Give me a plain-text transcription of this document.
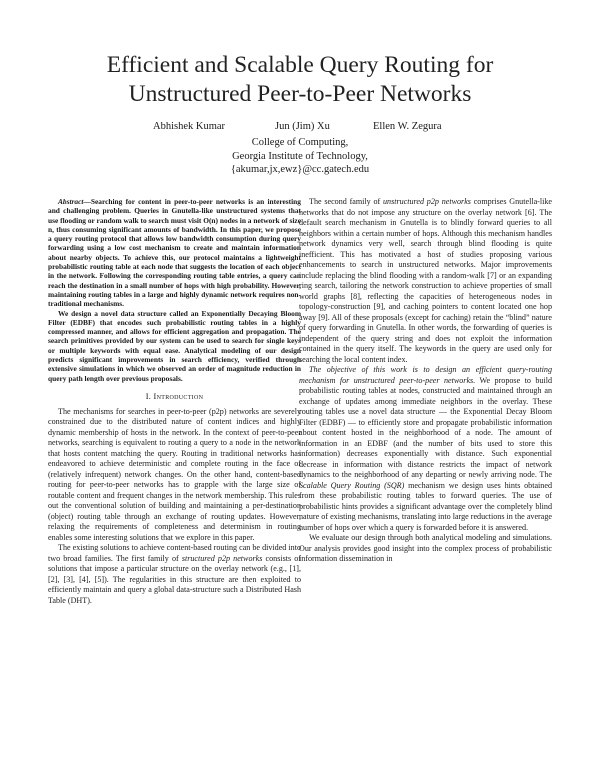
Efficient and Scalable Query Routing for
Unstructured Peer-to-Peer Networks
Abhishek Kumar	Jun (Jim) Xu	Ellen W. Zegura
College of Computing,
Georgia Institute of Technology,
{akumar,jx,ewz}@cc.gatech.edu

Abstract—Searching for content in peer-to-peer networks is an interesting and challenging problem. Queries in Gnutella-like unstructured systems that use flooding or random walk to search must visit O(n) nodes in a network of size n, thus consuming significant amounts of bandwidth. In this paper, we propose a query routing protocol that allows low bandwidth consumption during query forwarding using a low cost mechanism to create and maintain information about nearby objects. To achieve this, our protocol maintains a lightweight probabilistic routing table at each node that suggests the location of each object in the network. Following the corresponding routing table entries, a query can reach the destination in a small number of hops with high probability. However, maintaining routing tables in a large and highly dynamic network requires non-traditional mechanisms.

We design a novel data structure called an Exponentially Decaying Bloom Filter (EDBF) that encodes such probabilistic routing tables in a highly compressed manner, and allows for efficient aggregation and propagation. The search primitives provided by our system can be used to search for single keys or multiple keywords with equal ease. Analytical modeling of our design predicts significant improvements in search efficiency, verified through extensive simulations in which we observed an order of magnitude reduction in query path length over previous proposals.

I. Introduction

The mechanisms for searches in peer-to-peer (p2p) networks are severely constrained due to the distributed nature of content indices and highly dynamic membership of hosts in the network. In the context of peer-to-peer networks, searching is equivalent to routing a query to a node in the network that hosts content matching the query. Routing in traditional networks has endeavored to achieve deterministic and complete routing in the face of (relatively infrequent) network changes. On the other hand, content-based routing for peer-to-peer networks has to grapple with the large size of routable content and frequent changes in the network membership. This rules out the conventional solution of building and maintaining a per-destination (object) routing table through an exchange of routing updates. However, relaxing the requirements of completeness and determinism in routing enables some interesting solutions that we explore in this paper.

The existing solutions to achieve content-based routing can be divided into two broad families. The first family of structured p2p networks consists of solutions that impose a particular structure on the overlay network (e.g., [1], [2], [3], [4], [5]). The regularities in this structure are then exploited to efficiently maintain and query a global data-structure such a Distributed Hash Table (DHT).

The second family of unstructured p2p networks comprises Gnutella-like networks that do not impose any structure on the overlay network [6]. The default search mechanism in Gnutella is to blindly forward queries to all neighbors within a certain number of hops. Although this mechanism handles network dynamics very well, search through blind flooding is quite inefficient. This has motivated a host of studies proposing various enhancements to search in unstructured networks. Major improvements include replacing the blind flooding with a random-walk [7] or an expanding ring search, tailoring the network construction to achieve properties of small world graphs [8], reflecting the capacities of heterogeneous nodes in topology-construction [9], and caching pointers to content located one hop away [9]. All of these proposals (except for caching) retain the “blind” nature of query forwarding in Gnutella. In other words, the forwarding of queries is independent of the query string and does not exploit the information contained in the query itself. The keywords in the query are used only for searching the local content index.

The objective of this work is to design an efficient query-routing mechanism for unstructured peer-to-peer networks. We propose to build probabilistic routing tables at nodes, constructed and maintained through an exchange of updates among immediate neighbors in the overlay. These routing tables use a novel data structure — the Exponential Decay Bloom Filter (EDBF) — to efficiently store and propagate probabilistic information about content hosted in the neighborhood of a node. The amount of information in an EDBF (and the number of bits used to store this information) decreases exponentially with distance. Such exponential decrease in information with distance restricts the impact of network dynamics to the neighborhood of any departing or newly arriving node. The Scalable Query Routing (SQR) mechanism we design uses hints obtained from these probabilistic routing tables to forward queries. The use of probabilistic hints provides a significant advantage over the completely blind nature of existing mechanisms, translating into large reductions in the average number of hops over which a query is forwarded before it is answered.

We evaluate our design through both analytical modeling and simulations. Our analysis provides good insight into the complex process of probabilistic information dissemination in
